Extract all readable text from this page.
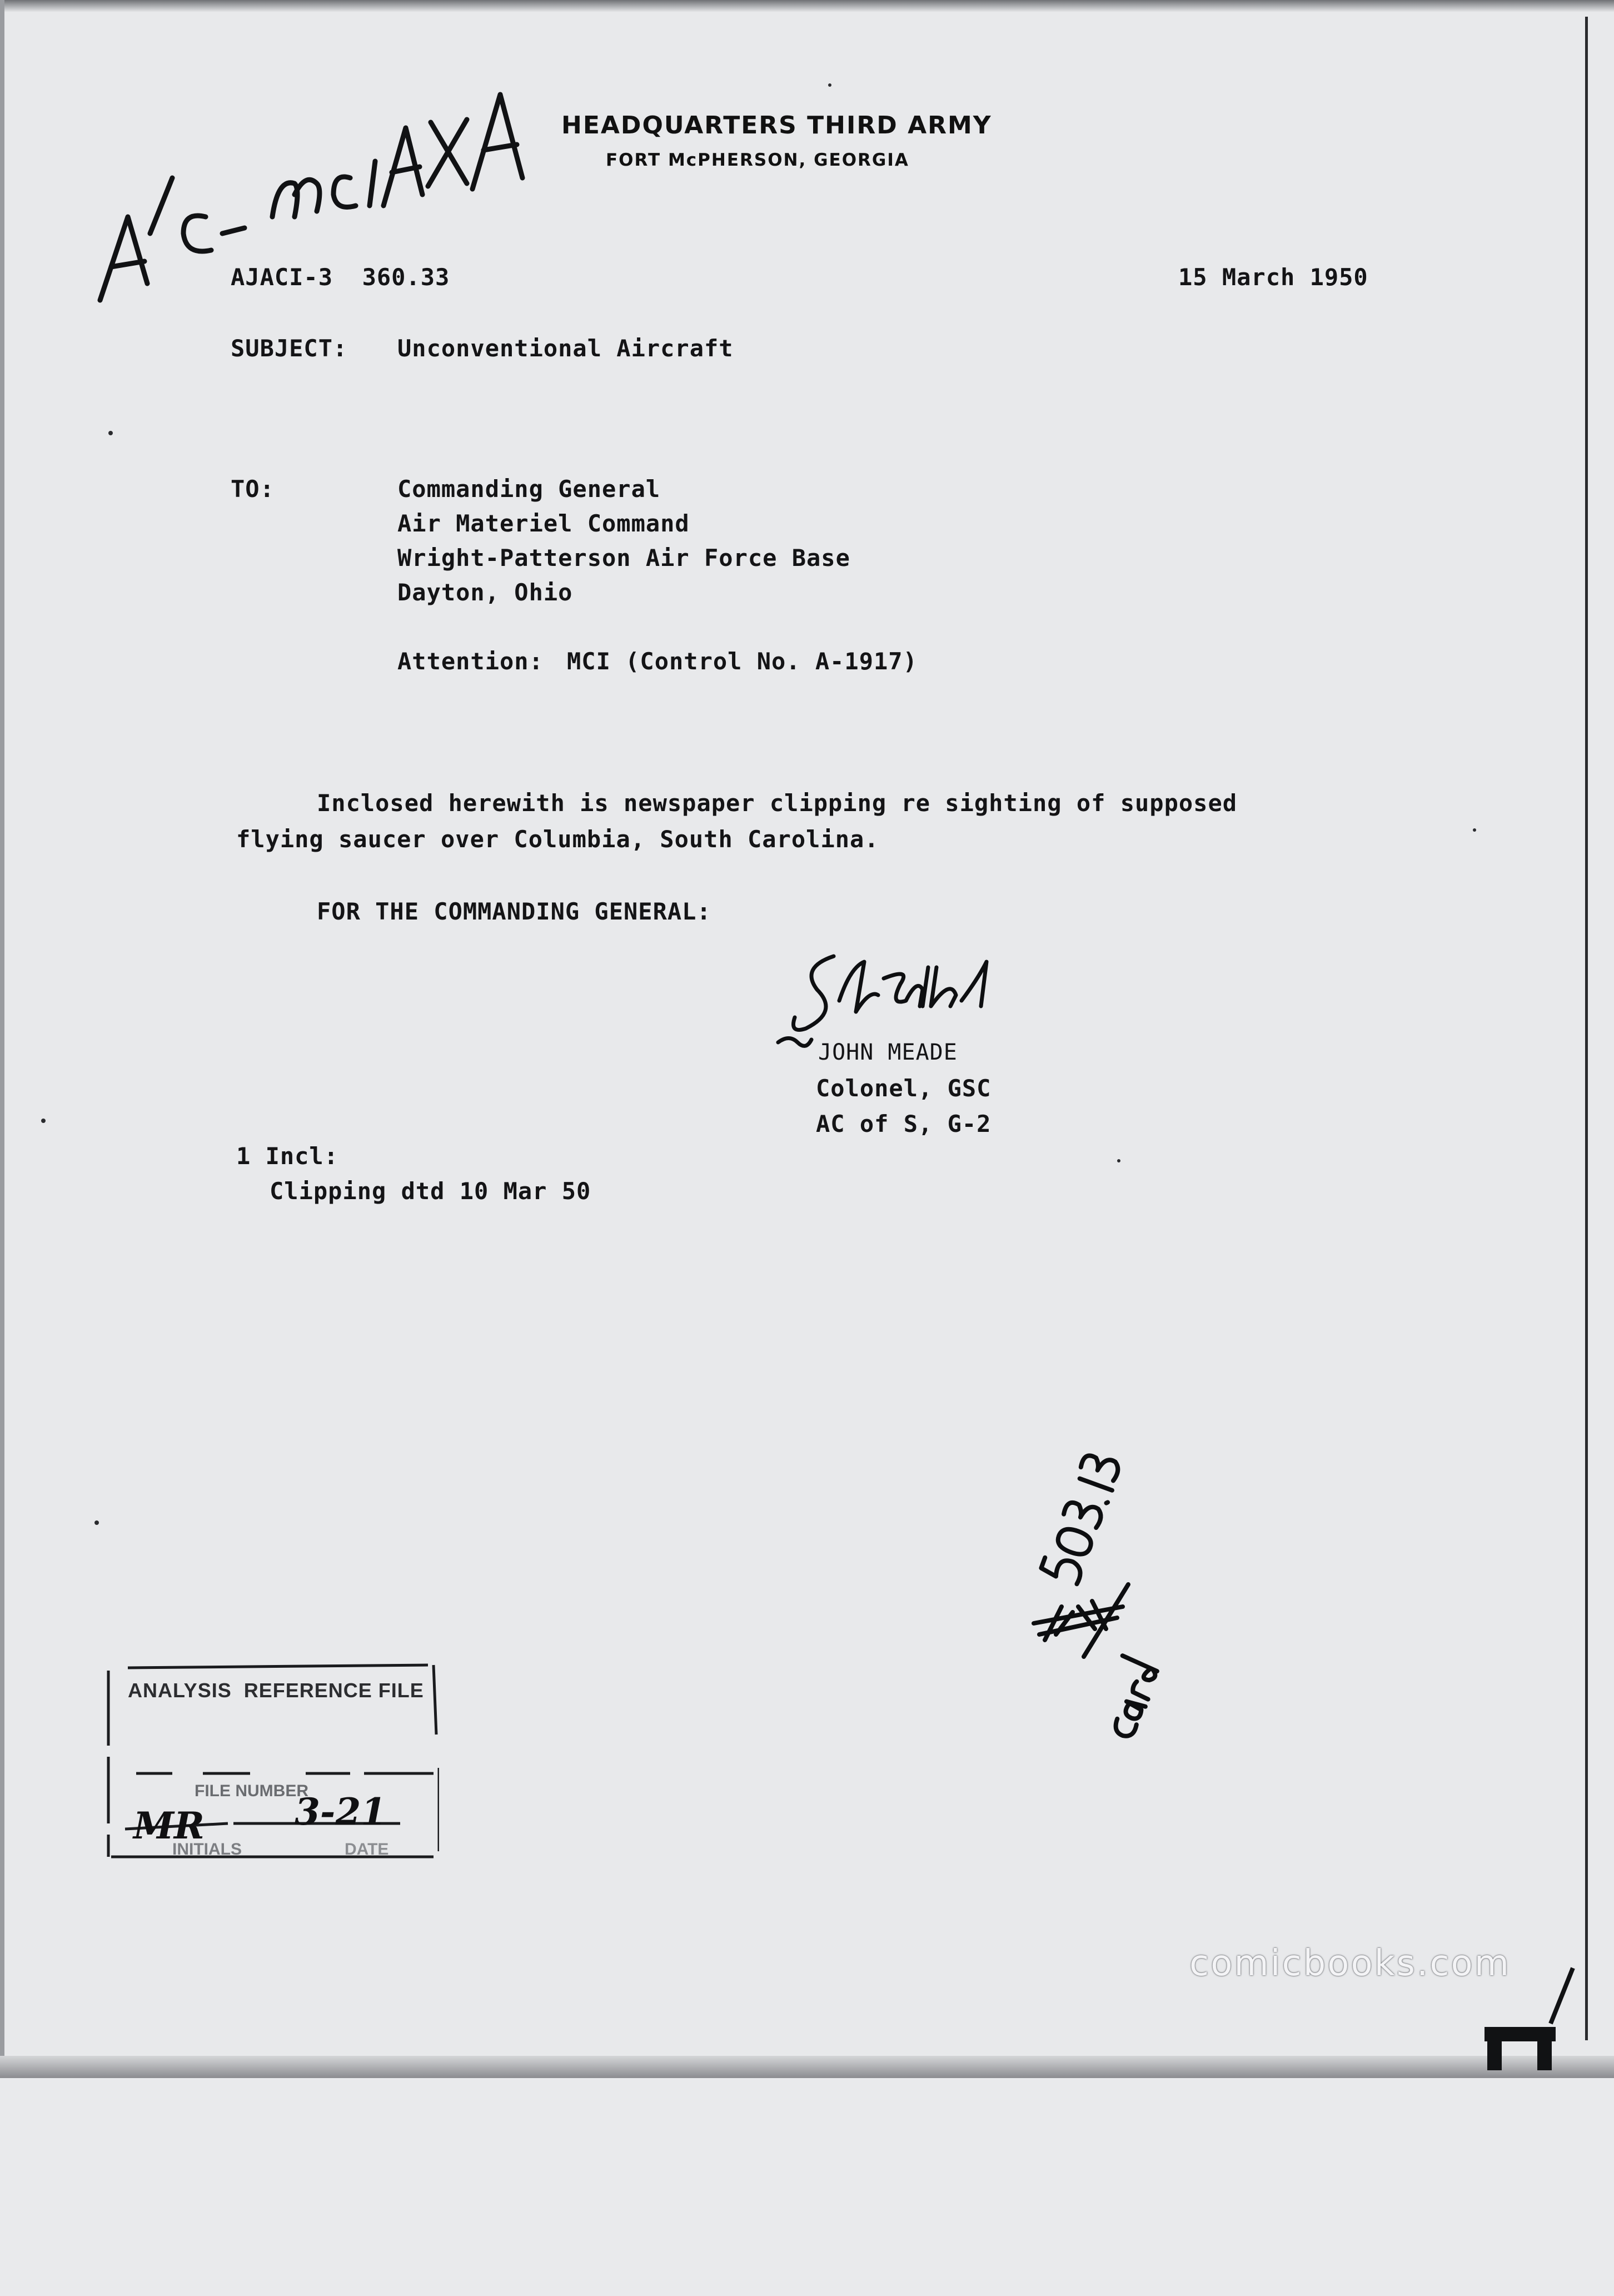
HEADQUARTERS THIRD ARMY
FORT McPHERSON, GEORGIA
AJACI-3  360.33	15 March 1950
SUBJECT: Unconventional Aircraft
TO:	Commanding General
Air Materiel Command
Wright-Patterson Air Force Base
Dayton, Ohio
Attention: MCI (Control No. A-1917)
Inclosed herewith is newspaper clipping re sighting of supposed
flying saucer over Columbia, South Carolina.
FOR THE COMMANDING GENERAL:
JOHN MEADE
Colonel, GSC
AC of S, G-2
1 Incl:
Clipping dtd 10 Mar 50
ANALYSIS  REFERENCE FILE
FILE NUMBER
MR 3-21
INITIALS	DATE
comicbooks.com
